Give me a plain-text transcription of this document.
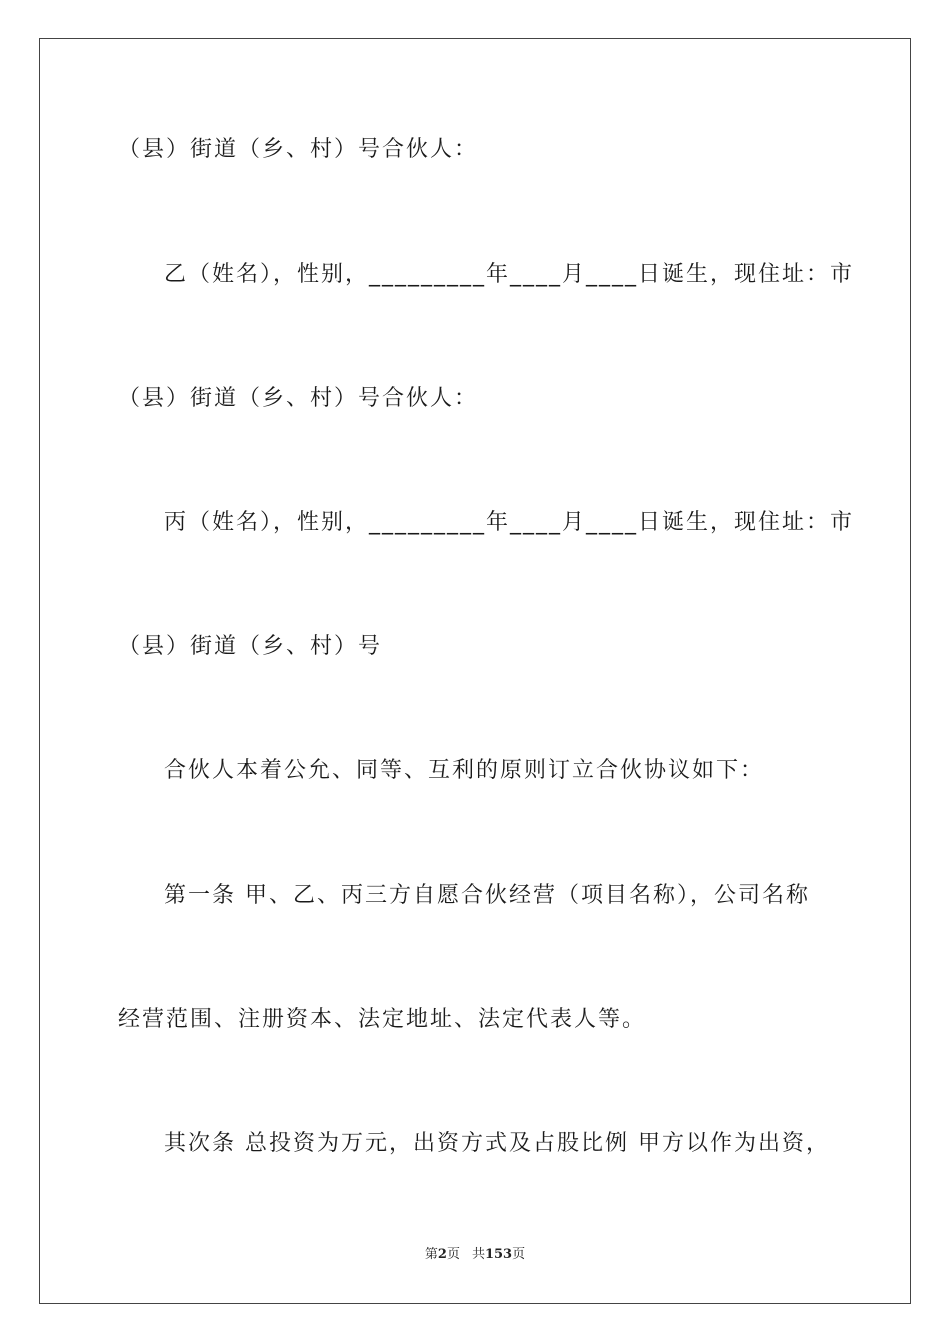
（县）街道（乡、村）号合伙人：
乙（姓名），性别，_________年____月____日诞生，现住址：市
（县）街道（乡、村）号合伙人：
丙（姓名），性别，_________年____月____日诞生，现住址：市
（县）街道（乡、村）号
合伙人本着公允、同等、互利的原则订立合伙协议如下：
第一条 甲、乙、丙三方自愿合伙经营（项目名称），公司名称
经营范围、注册资本、法定地址、法定代表人等。
其次条 总投资为万元，出资方式及占股比例 甲方以作为出资，
第2页 共153页
